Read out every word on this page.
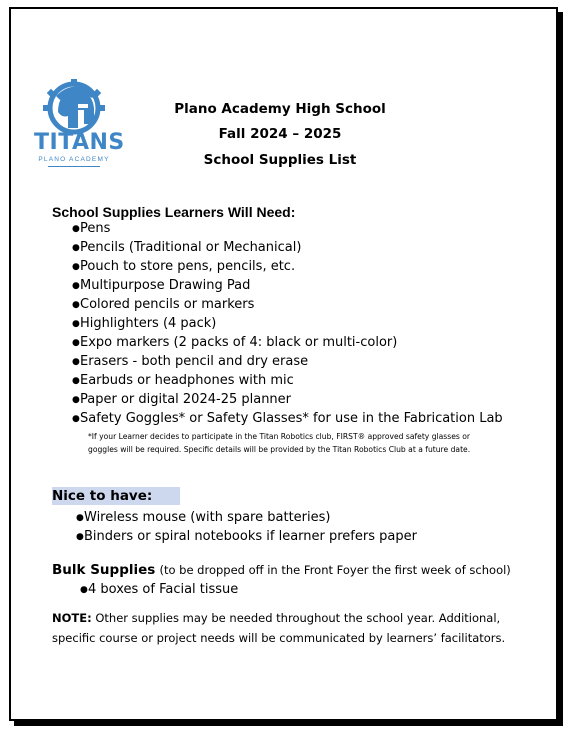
TITANS
PLANO ACADEMY
Plano Academy High School
Fall 2024 – 2025
School Supplies List
School Supplies Learners Will Need:
●Pens
●Pencils (Traditional or Mechanical)
●Pouch to store pens, pencils, etc.
●Multipurpose Drawing Pad
●Colored pencils or markers
●Highlighters (4 pack)
●Expo markers (2 packs of 4: black or multi-color)
●Erasers - both pencil and dry erase
●Earbuds or headphones with mic
●Paper or digital 2024-25 planner
●Safety Goggles* or Safety Glasses* for use in the Fabrication Lab
*If your Learner decides to participate in the Titan Robotics club, FIRST® approved safety glasses or goggles will be required. Specific details will be provided by the Titan Robotics Club at a future date.
Nice to have:
●Wireless mouse (with spare batteries)
●Binders or spiral notebooks if learner prefers paper
Bulk Supplies (to be dropped off in the Front Foyer the first week of school)
●4 boxes of Facial tissue
NOTE: Other supplies may be needed throughout the school year. Additional, specific course or project needs will be communicated by learners’ facilitators.
